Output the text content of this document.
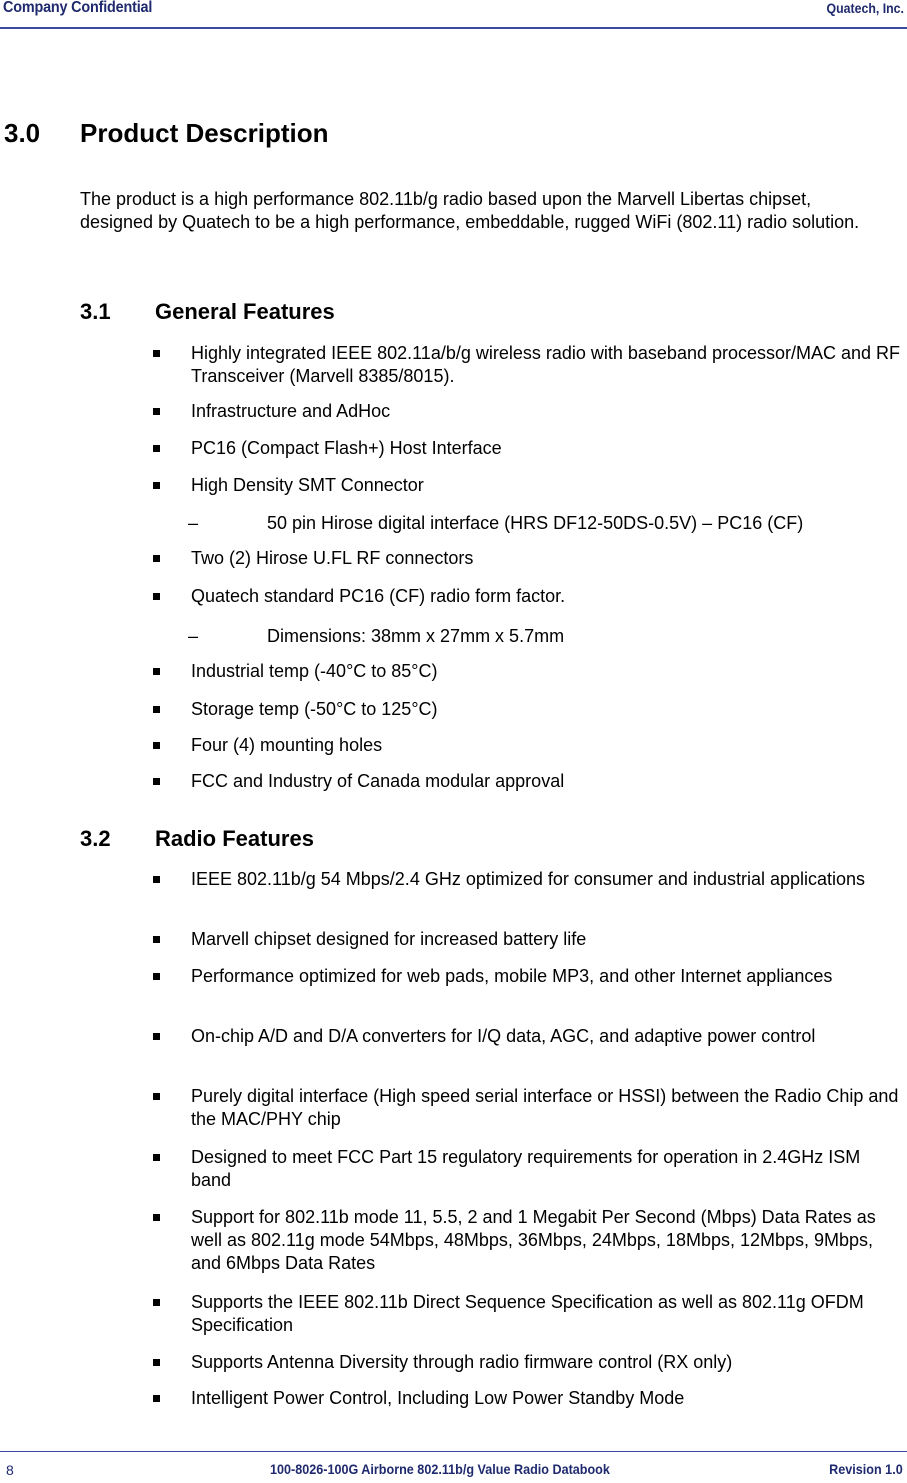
Company Confidential	Quatech, Inc.
3.0 Product Description
The product is a high performance 802.11b/g radio based upon the Marvell Libertas chipset, designed by Quatech to be a high performance, embeddable, rugged WiFi (802.11) radio solution.
3.1 General Features
Highly integrated IEEE 802.11a/b/g wireless radio with baseband processor/MAC and RF Transceiver (Marvell 8385/8015).
Infrastructure and AdHoc
PC16 (Compact Flash+) Host Interface
High Density SMT Connector
–	50 pin Hirose digital interface (HRS DF12-50DS-0.5V) – PC16 (CF)
Two (2) Hirose U.FL RF connectors
Quatech standard PC16 (CF) radio form factor.
–	Dimensions: 38mm x 27mm x 5.7mm
Industrial temp (-40°C to 85°C)
Storage temp (-50°C to 125°C)
Four (4) mounting holes
FCC and Industry of Canada modular approval
3.2 Radio Features
IEEE 802.11b/g 54 Mbps/2.4 GHz optimized for consumer and industrial applications
Marvell chipset designed for increased battery life
Performance optimized for web pads, mobile MP3, and other Internet appliances
On-chip A/D and D/A converters for I/Q data, AGC, and adaptive power control
Purely digital interface (High speed serial interface or HSSI) between the Radio Chip and the MAC/PHY chip
Designed to meet FCC Part 15 regulatory requirements for operation in 2.4GHz ISM band
Support for 802.11b mode 11, 5.5, 2 and 1 Megabit Per Second (Mbps) Data Rates as well as 802.11g mode 54Mbps, 48Mbps, 36Mbps, 24Mbps, 18Mbps, 12Mbps, 9Mbps, and 6Mbps Data Rates
Supports the IEEE 802.11b Direct Sequence Specification as well as 802.11g OFDM Specification
Supports Antenna Diversity through radio firmware control (RX only)
Intelligent Power Control, Including Low Power Standby Mode
8	100-8026-100G Airborne 802.11b/g Value Radio Databook	Revision 1.0
